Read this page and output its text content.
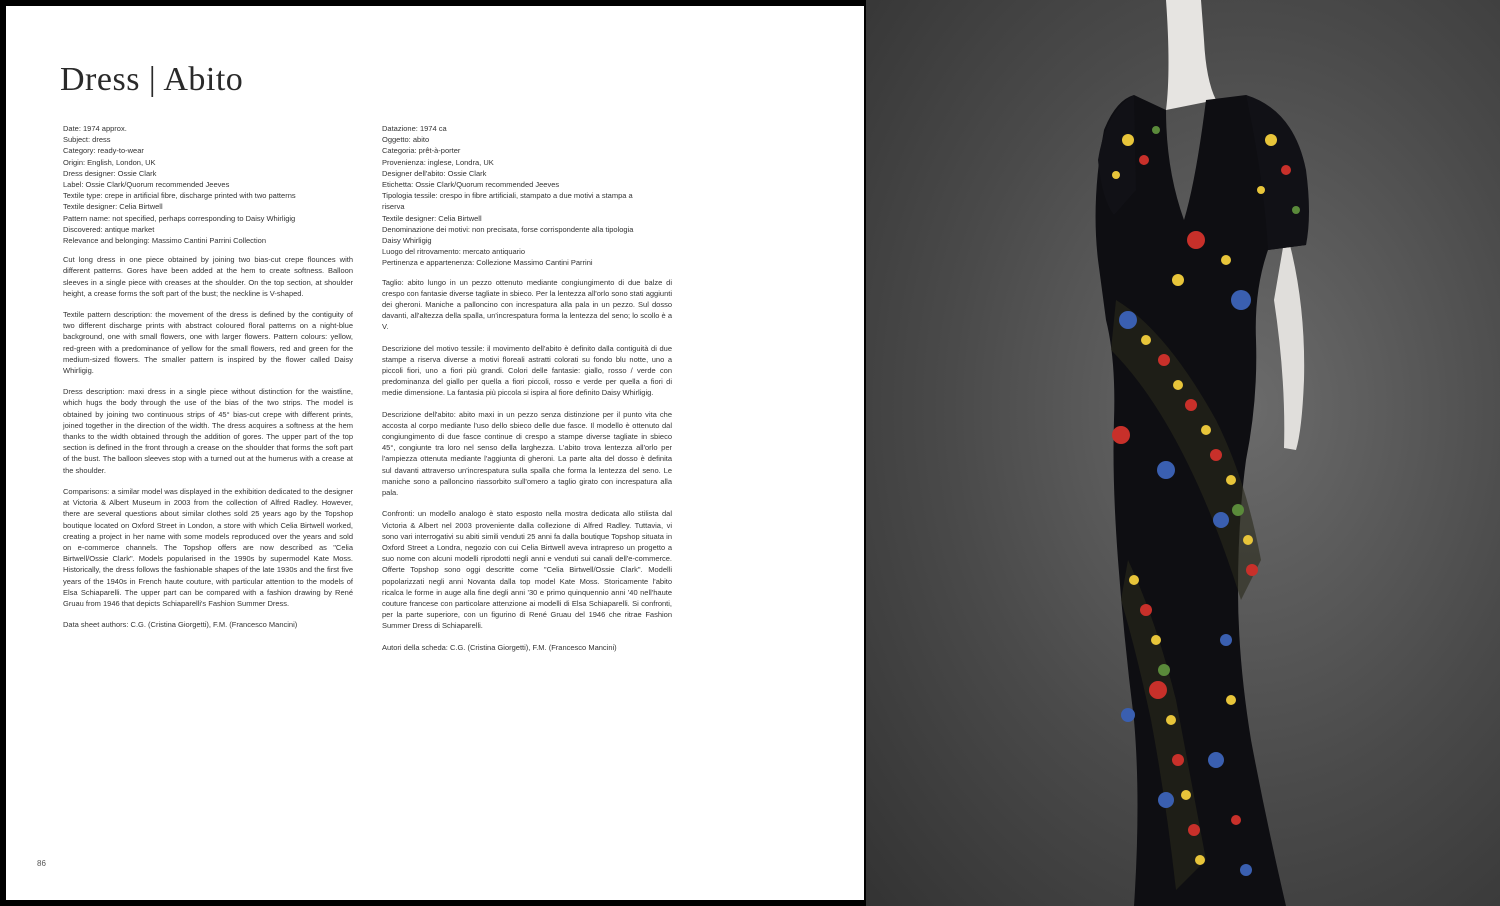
Dress | Abito
Date: 1974 approx.
Subject: dress
Category: ready-to-wear
Origin: English, London, UK
Dress designer: Ossie Clark
Label: Ossie Clark/Quorum recommended Jeeves
Textile type: crepe in artificial fibre, discharge printed with two patterns
Textile designer: Celia Birtwell
Pattern name: not specified, perhaps corresponding to Daisy Whirligig
Discovered: antique market
Relevance and belonging: Massimo Cantini Parrini Collection

Cut long dress in one piece obtained by joining two bias-cut crepe flounces with different patterns. Gores have been added at the hem to create softness. Balloon sleeves in a single piece with creases at the shoulder. On the top section, at shoulder height, a crease forms the soft part of the bust; the neckline is V-shaped.

Textile pattern description: the movement of the dress is defined by the contiguity of two different discharge prints with abstract coloured floral patterns on a night-blue background, one with small flowers, one with larger flowers. Pattern colours: yellow, red-green with a predominance of yellow for the small flowers, red and green for the medium-sized flowers. The smaller pattern is inspired by the flower called Daisy Whirligig.

Dress description: maxi dress in a single piece without distinction for the waistline, which hugs the body through the use of the bias of the two strips. The model is obtained by joining two continuous strips of 45° bias-cut crepe with different prints, joined together in the direction of the width. The dress acquires a softness at the hem thanks to the width obtained through the addition of gores. The upper part of the top section is defined in the front through a crease on the shoulder that forms the soft part of the bust. The balloon sleeves stop with a turned out at the humerus with a crease at the shoulder.

Comparisons: a similar model was displayed in the exhibition dedicated to the designer at Victoria & Albert Museum in 2003 from the collection of Alfred Radley. However, there are several questions about similar clothes sold 25 years ago by the Topshop boutique located on Oxford Street in London, a store with which Celia Birtwell worked, creating a project in her name with some models reproduced over the years and sold on e-commerce channels. The Topshop offers are now described as "Celia Birtwell/Ossie Clark". Models popularised in the 1990s by supermodel Kate Moss. Historically, the dress follows the fashionable shapes of the late 1930s and the first five years of the 1940s in French haute couture, with particular attention to the models of Elsa Schiaparelli. The upper part can be compared with a fashion drawing by René Gruau from 1946 that depicts Schiaparelli's Fashion Summer Dress.

Data sheet authors: C.G. (Cristina Giorgetti), F.M. (Francesco Mancini)

Datazione: 1974 ca
Oggetto: abito
Categoria: prêt-à-porter
Provenienza: inglese, Londra, UK
Designer dell'abito: Ossie Clark
Etichetta: Ossie Clark/Quorum recommended Jeeves
Tipologia tessile: crespo in fibre artificiali, stampato a due motivi a stampa a
riserva
Textile designer: Celia Birtwell
Denominazione dei motivi: non precisata, forse corrispondente alla tipologia
Daisy Whirligig
Luogo del ritrovamento: mercato antiquario
Pertinenza e appartenenza: Collezione Massimo Cantini Parrini

Taglio: abito lungo in un pezzo ottenuto mediante congiungimento di due balze di crespo con fantasie diverse tagliate in sbieco. Per la lentezza all'orlo sono stati aggiunti dei gheroni. Maniche a palloncino con increspatura alla pala in un pezzo. Sul dosso davanti, all'altezza della spalla, un'increspatura forma la lentezza del seno; lo scollo è a V.

Descrizione del motivo tessile: il movimento dell'abito è definito dalla contiguità di due stampe a riserva diverse a motivi floreali astratti colorati su fondo blu notte, uno a piccoli fiori, uno a fiori più grandi. Colori delle fantasie: giallo, rosso / verde con predominanza del giallo per quella a fiori piccoli, rosso e verde per quella a fiori di medie dimensione. La fantasia più piccola si ispira al fiore definito Daisy Whirligig.

Descrizione dell'abito: abito maxi in un pezzo senza distinzione per il punto vita che accosta al corpo mediante l'uso dello sbieco delle due fasce. Il modello è ottenuto dal congiungimento di due fasce continue di crespo a stampe diverse tagliate in sbieco 45°, congiunte tra loro nel senso della larghezza. L'abito trova lentezza all'orlo per l'ampiezza ottenuta mediante l'aggiunta di gheroni. La parte alta del dosso è definita sul davanti attraverso un'increspatura sulla spalla che forma la lentezza del seno. Le maniche sono a palloncino riassorbito sull'omero a taglio girato con increspatura alla pala.

Confronti: un modello analogo è stato esposto nella mostra dedicata allo stilista dal Victoria & Albert nel 2003 proveniente dalla collezione di Alfred Radley. Tuttavia, vi sono vari interrogativi su abiti simili venduti 25 anni fa dalla boutique Topshop situata in Oxford Street a Londra, negozio con cui Celia Birtwell aveva intrapreso un progetto a suo nome con alcuni modelli riprodotti negli anni e venduti sui canali dell'e-commerce. Offerte Topshop sono oggi descritte come "Celia Birtwell/Ossie Clark". Modelli popolarizzati negli anni Novanta dalla top model Kate Moss. Storicamente l'abito ricalca le forme in auge alla fine degli anni '30 e primo quinquennio anni '40 nell'haute couture francese con particolare attenzione ai modelli di Elsa Schiaparelli. Si confronti, per la parte superiore, con un figurino di René Gruau del 1946 che ritrae Fashion Summer Dress di Schiaparelli.

Autori della scheda: C.G. (Cristina Giorgetti), F.M. (Francesco Mancini)

86
